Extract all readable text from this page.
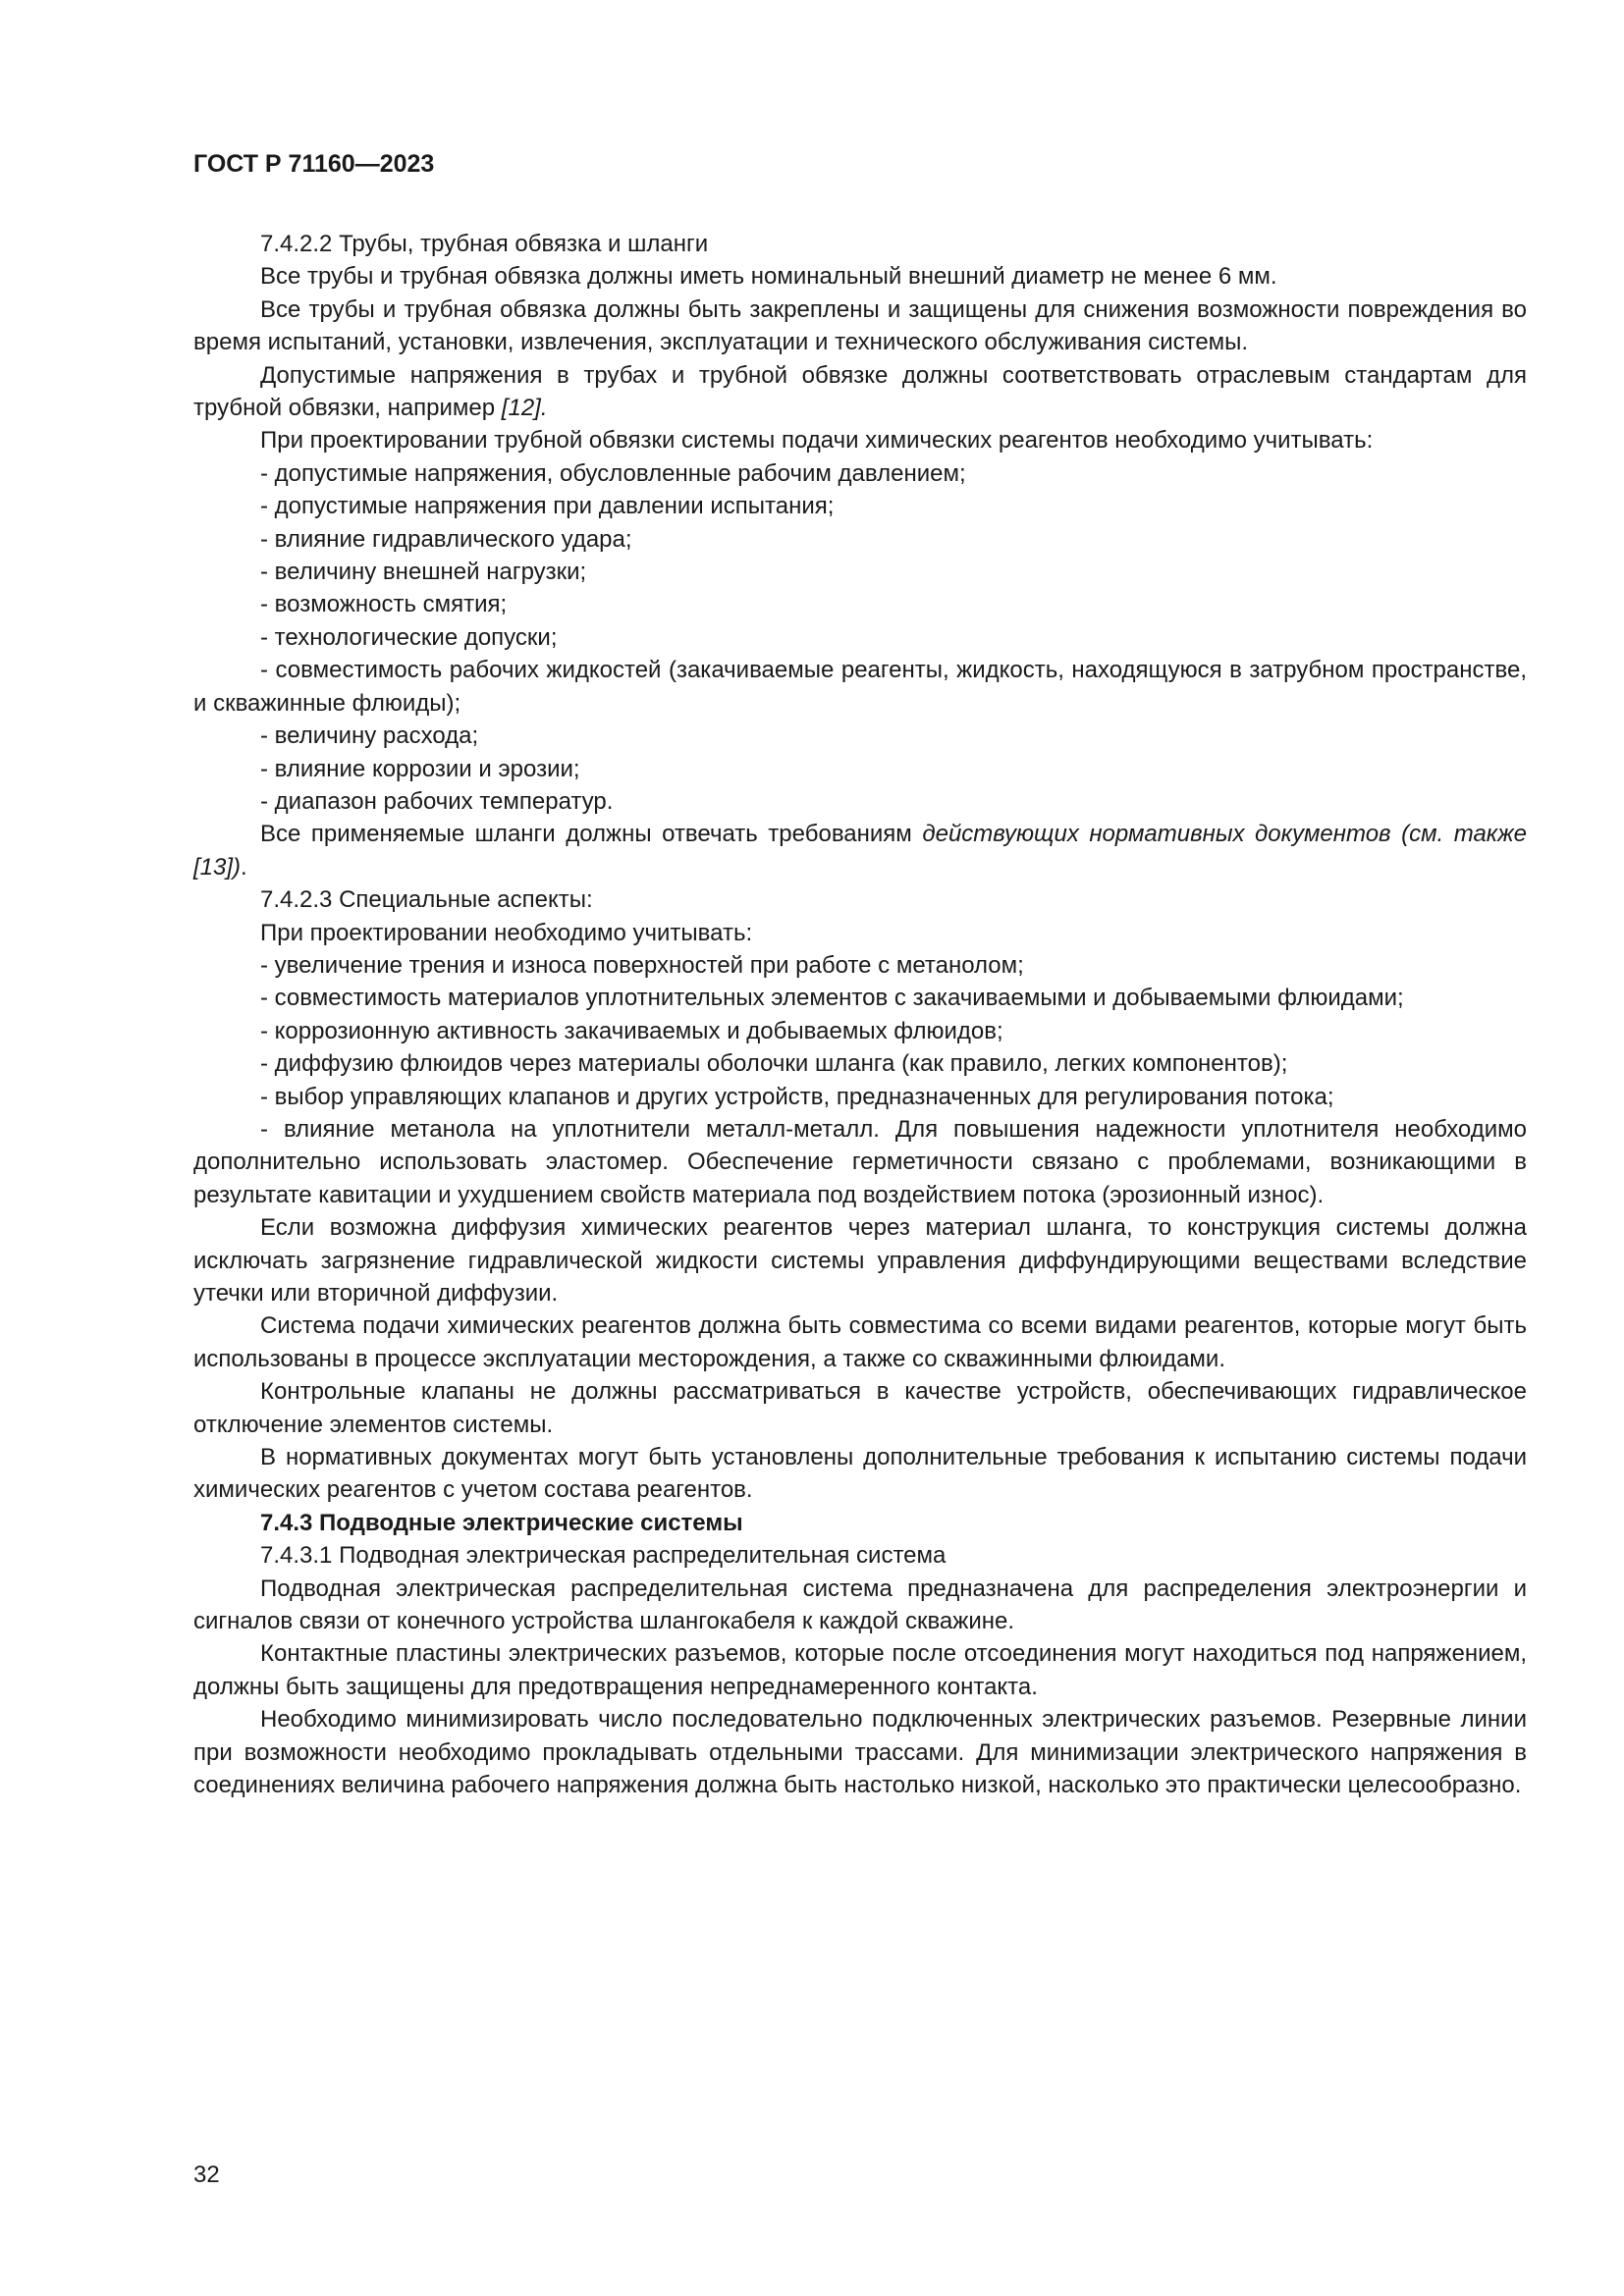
ГОСТ Р 71160—2023

7.4.2.2 Трубы, трубная обвязка и шланги

Все трубы и трубная обвязка должны иметь номинальный внешний диаметр не менее 6 мм.

Все трубы и трубная обвязка должны быть закреплены и защищены для снижения возможности повреждения во время испытаний, установки, извлечения, эксплуатации и технического обслуживания системы.

Допустимые напряжения в трубах и трубной обвязке должны соответствовать отраслевым стандартам для трубной обвязки, например [12].

При проектировании трубной обвязки системы подачи химических реагентов необходимо учитывать:

- допустимые напряжения, обусловленные рабочим давлением;

- допустимые напряжения при давлении испытания;

- влияние гидравлического удара;

- величину внешней нагрузки;

- возможность смятия;

- технологические допуски;

- совместимость рабочих жидкостей (закачиваемые реагенты, жидкость, находящуюся в затрубном пространстве, и скважинные флюиды);

- величину расхода;

- влияние коррозии и эрозии;

- диапазон рабочих температур.

Все применяемые шланги должны отвечать требованиям действующих нормативных документов (см. также [13]).

7.4.2.3 Специальные аспекты:

При проектировании необходимо учитывать:

- увеличение трения и износа поверхностей при работе с метанолом;

- совместимость материалов уплотнительных элементов с закачиваемыми и добываемыми флюидами;

- коррозионную активность закачиваемых и добываемых флюидов;

- диффузию флюидов через материалы оболочки шланга (как правило, легких компонентов);

- выбор управляющих клапанов и других устройств, предназначенных для регулирования потока;

- влияние метанола на уплотнители металл-металл. Для повышения надежности уплотнителя необходимо дополнительно использовать эластомер. Обеспечение герметичности связано с проблемами, возникающими в результате кавитации и ухудшением свойств материала под воздействием потока (эрозионный износ).

Если возможна диффузия химических реагентов через материал шланга, то конструкция системы должна исключать загрязнение гидравлической жидкости системы управления диффундирующими веществами вследствие утечки или вторичной диффузии.

Система подачи химических реагентов должна быть совместима со всеми видами реагентов, которые могут быть использованы в процессе эксплуатации месторождения, а также со скважинными флюидами.

Контрольные клапаны не должны рассматриваться в качестве устройств, обеспечивающих гидравлическое отключение элементов системы.

В нормативных документах могут быть установлены дополнительные требования к испытанию системы подачи химических реагентов с учетом состава реагентов.

7.4.3 Подводные электрические системы

7.4.3.1 Подводная электрическая распределительная система

Подводная электрическая распределительная система предназначена для распределения электроэнергии и сигналов связи от конечного устройства шлангокабеля к каждой скважине.

Контактные пластины электрических разъемов, которые после отсоединения могут находиться под напряжением, должны быть защищены для предотвращения непреднамеренного контакта.

Необходимо минимизировать число последовательно подключенных электрических разъемов. Резервные линии при возможности необходимо прокладывать отдельными трассами. Для минимизации электрического напряжения в соединениях величина рабочего напряжения должна быть настолько низкой, насколько это практически целесообразно.

32
